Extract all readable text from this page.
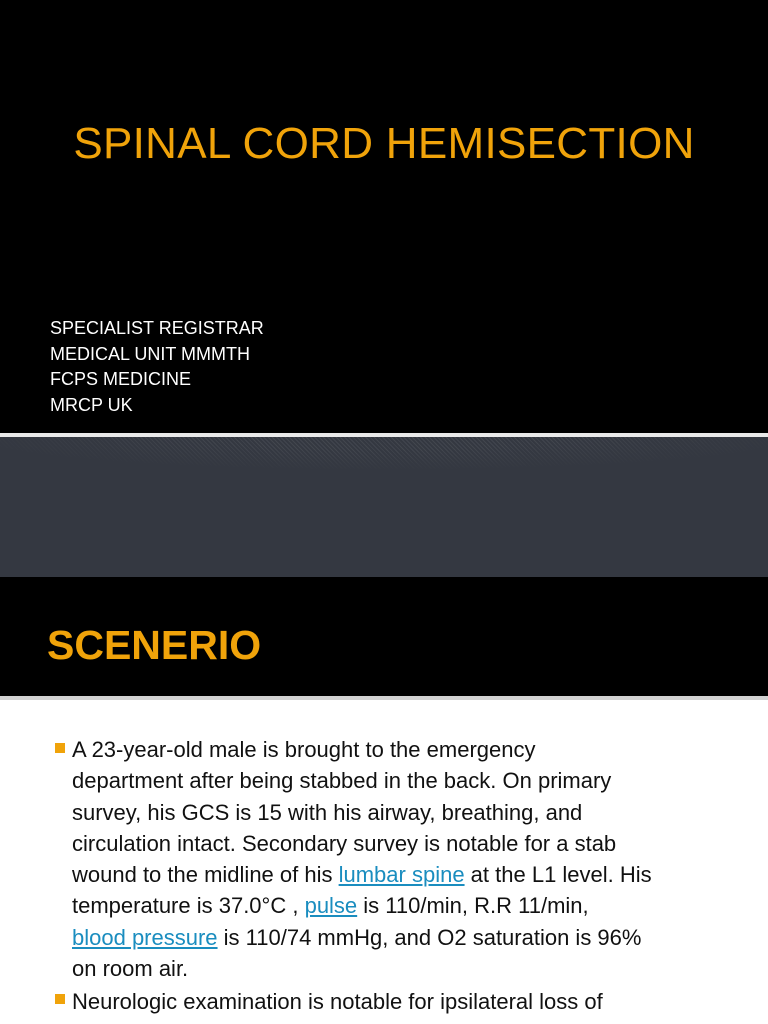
SPINAL CORD HEMISECTION
SPECIALIST REGISTRAR
MEDICAL UNIT MMMTH
FCPS MEDICINE
MRCP UK
SCENERIO
A 23-year-old male is brought to the emergency
department after being stabbed in the back. On primary
survey, his GCS is 15 with his airway, breathing, and
circulation intact. Secondary survey is notable for a stab
wound to the midline of his lumbar spine at the L1 level. His
temperature is 37.0°C , pulse is 110/min, R.R 11/min,
blood pressure is 110/74 mmHg, and O2 saturation is 96%
on room air.
Neurologic examination is notable for ipsilateral loss of
